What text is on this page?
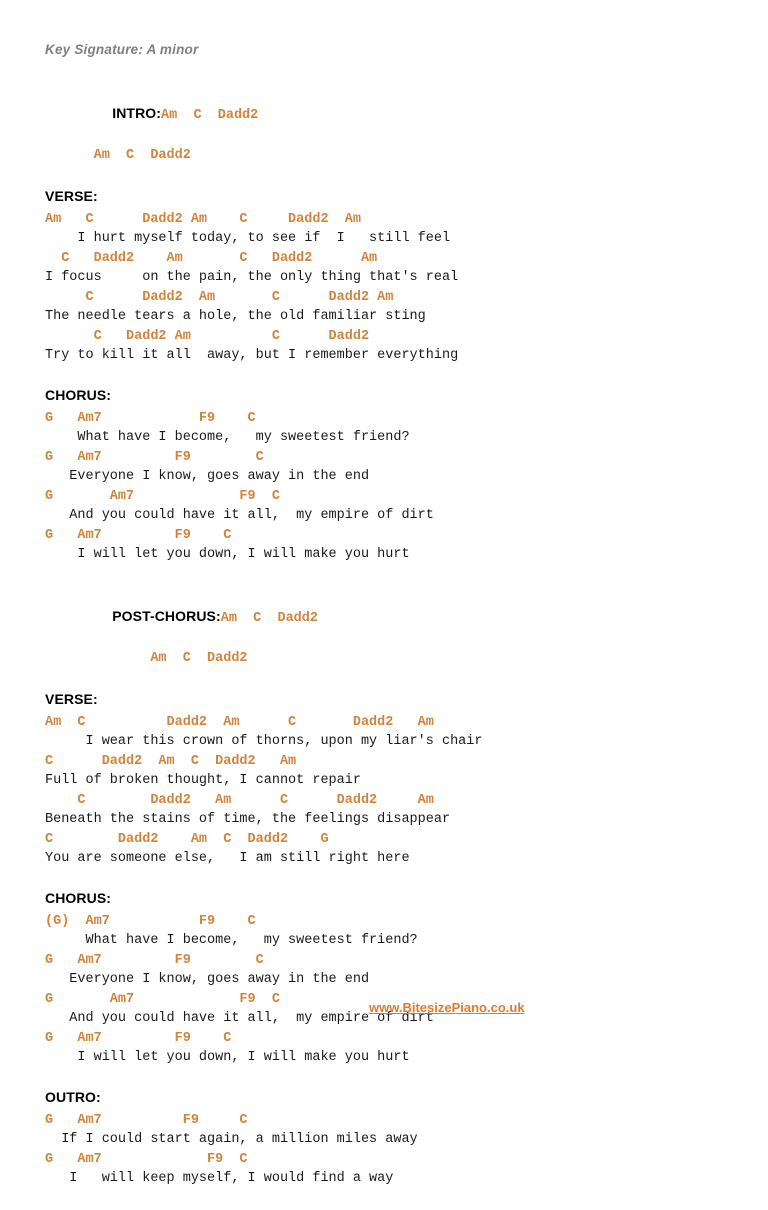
Key Signature: A minor

INTRO:Am  C  Dadd2

Am  C  Dadd2
VERSE:
Am   C      Dadd2 Am    C     Dadd2  Am
I hurt myself today, to see if  I   still feel
C   Dadd2    Am       C   Dadd2      Am
I focus     on the pain, the only thing that's real
C      Dadd2  Am       C      Dadd2 Am
The needle tears a hole, the old familiar sting
C   Dadd2 Am          C      Dadd2
Try to kill it all  away, but I remember everything
CHORUS:
G   Am7            F9    C
What have I become,   my sweetest friend?
G   Am7         F9        C
Everyone I know, goes away in the end
G       Am7             F9  C
And you could have it all,  my empire of dirt
G   Am7         F9    C
I will let you down, I will make you hurt

POST-CHORUS:Am  C  Dadd2

Am  C  Dadd2
VERSE:
Am  C          Dadd2  Am      C       Dadd2   Am
I wear this crown of thorns, upon my liar's chair
C      Dadd2  Am  C  Dadd2   Am
Full of broken thought, I cannot repair
C        Dadd2   Am      C      Dadd2     Am
Beneath the stains of time, the feelings disappear
C        Dadd2    Am  C  Dadd2    G
You are someone else,   I am still right here
CHORUS:
(G)  Am7           F9    C
What have I become,   my sweetest friend?
G   Am7         F9        C
Everyone I know, goes away in the end
G       Am7             F9  C
And you could have it all,  my empire of dirt
G   Am7         F9    C
I will let you down, I will make you hurt
OUTRO:
G   Am7          F9     C
If I could start again, a million miles away
G   Am7             F9  C
I   will keep myself, I would find a way
www.BitesizePiano.co.uk
